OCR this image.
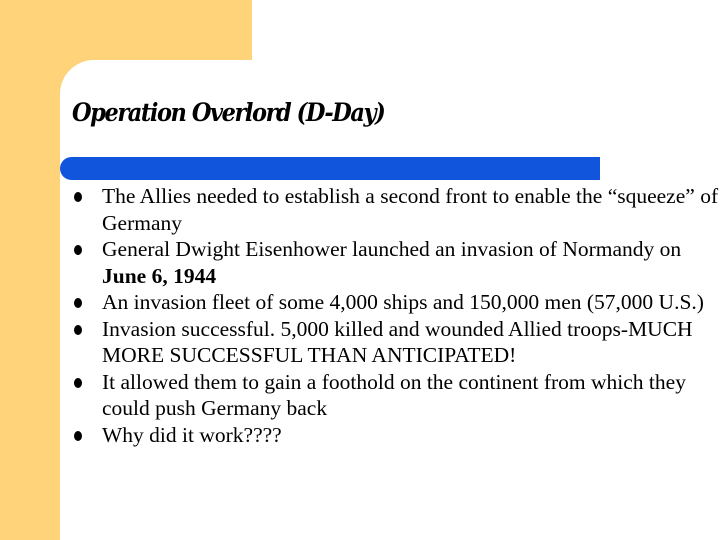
Operation Overlord (D-Day)
The Allies needed to establish a second front to enable the “squeeze” of Germany
General Dwight Eisenhower launched an invasion of Normandy on June 6, 1944
An invasion fleet of some 4,000 ships and 150,000 men (57,000 U.S.)
Invasion successful. 5,000 killed and wounded Allied troops-MUCH MORE SUCCESSFUL THAN ANTICIPATED!
It allowed them to gain a foothold on the continent from which they could push Germany back
Why did it work????
